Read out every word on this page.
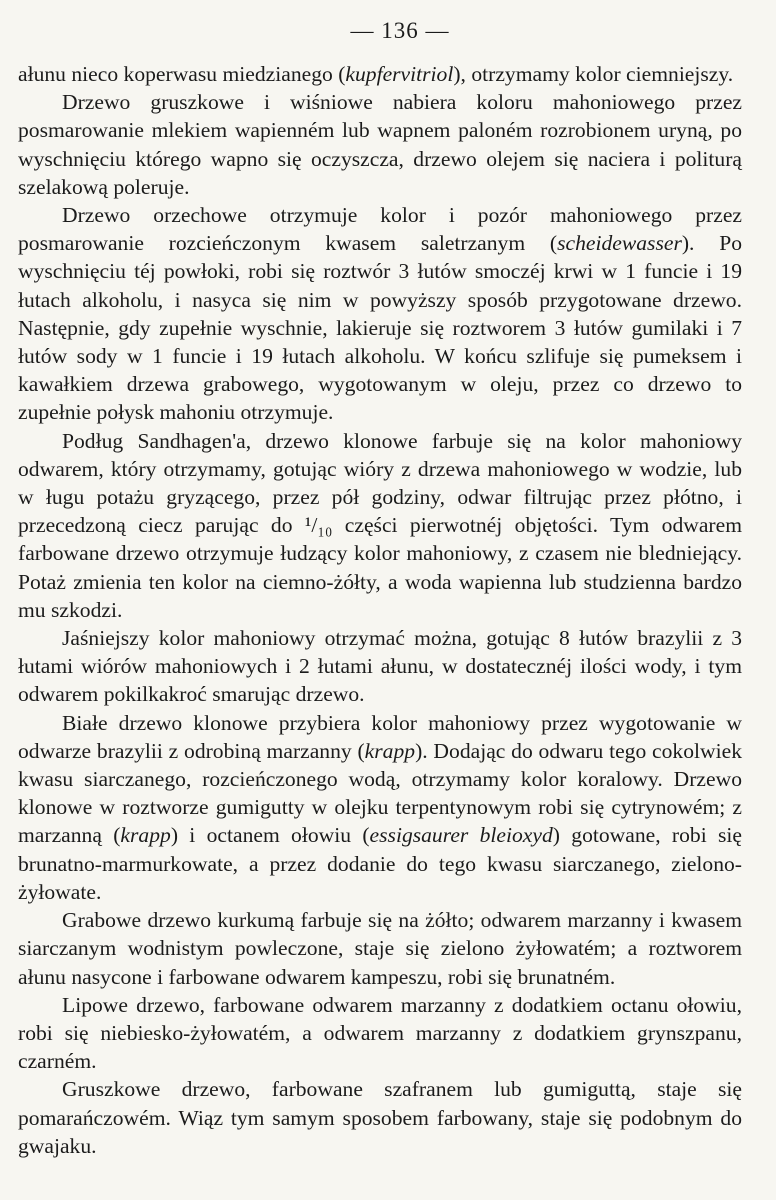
— 136 —

ałunu nieco koperwasu miedzianego (kupfervitriol), otrzymamy kolor ciemniejszy.

Drzewo gruszkowe i wiśniowe nabiera koloru mahoniowego przez posmarowanie mlekiem wapienném lub wapnem paloném rozrobionem uryną, po wyschnięciu którego wapno się oczyszcza, drzewo olejem się naciera i politurą szelakową poleruje.

Drzewo orzechowe otrzymuje kolor i pozór mahoniowego przez posmarowanie rozcieńczonym kwasem saletrzanym (scheidewasser). Po wyschnięciu téj powłoki, robi się roztwór 3 łutów smoczéj krwi w 1 funcie i 19 łutach alkoholu, i nasyca się nim w powyższy sposób przygotowane drzewo. Następnie, gdy zupełnie wyschnie, lakieruje się roztworem 3 łutów gumilaki i 7 łutów sody w 1 funcie i 19 łutach alkoholu. W końcu szlifuje się pumeksem i kawałkiem drzewa grabowego, wygotowanym w oleju, przez co drzewo to zupełnie połysk mahoniu otrzymuje.

Podług Sandhagen'a, drzewo klonowe farbuje się na kolor mahoniowy odwarem, który otrzymamy, gotując wióry z drzewa mahoniowego w wodzie, lub w ługu potażu gryzącego, przez pół godziny, odwar filtrując przez płótno, i przecedzoną ciecz parując do ¹/₁₀ części pierwotnéj objętości. Tym odwarem farbowane drzewo otrzymuje łudzący kolor mahoniowy, z czasem nie bledniejący. Potaż zmienia ten kolor na ciemno-żółty, a woda wapienna lub studzienna bardzo mu szkodzi.

Jaśniejszy kolor mahoniowy otrzymać można, gotując 8 łutów brazylii z 3 łutami wiórów mahoniowych i 2 łutami ałunu, w dostatecznéj ilości wody, i tym odwarem pokilkakroć smarując drzewo.

Białe drzewo klonowe przybiera kolor mahoniowy przez wygotowanie w odwarze brazylii z odrobiną marzanny (krapp). Dodając do odwaru tego cokolwiek kwasu siarczanego, rozcieńczonego wodą, otrzymamy kolor koralowy. Drzewo klonowe w roztworze gumigutty w olejku terpentynowym robi się cytrynowém; z marzanną (krapp) i octanem ołowiu (essigsaurer bleioxyd) gotowane, robi się brunatno-marmurkowate, a przez dodanie do tego kwasu siarczanego, zielono-żyłowate.

Grabowe drzewo kurkumą farbuje się na żółto; odwarem marzanny i kwasem siarczanym wodnistym powleczone, staje się zielono żyłowatém; a roztworem ałunu nasycone i farbowane odwarem kampeszu, robi się brunatném.

Lipowe drzewo, farbowane odwarem marzanny z dodatkiem octanu ołowiu, robi się niebiesko-żyłowatém, a odwarem marzanny z dodatkiem grynszpanu, czarném.

Gruszkowe drzewo, farbowane szafranem lub gumiguttą, staje się pomarańczowém. Wiąz tym samym sposobem farbowany, staje się podobnym do gwajaku.
